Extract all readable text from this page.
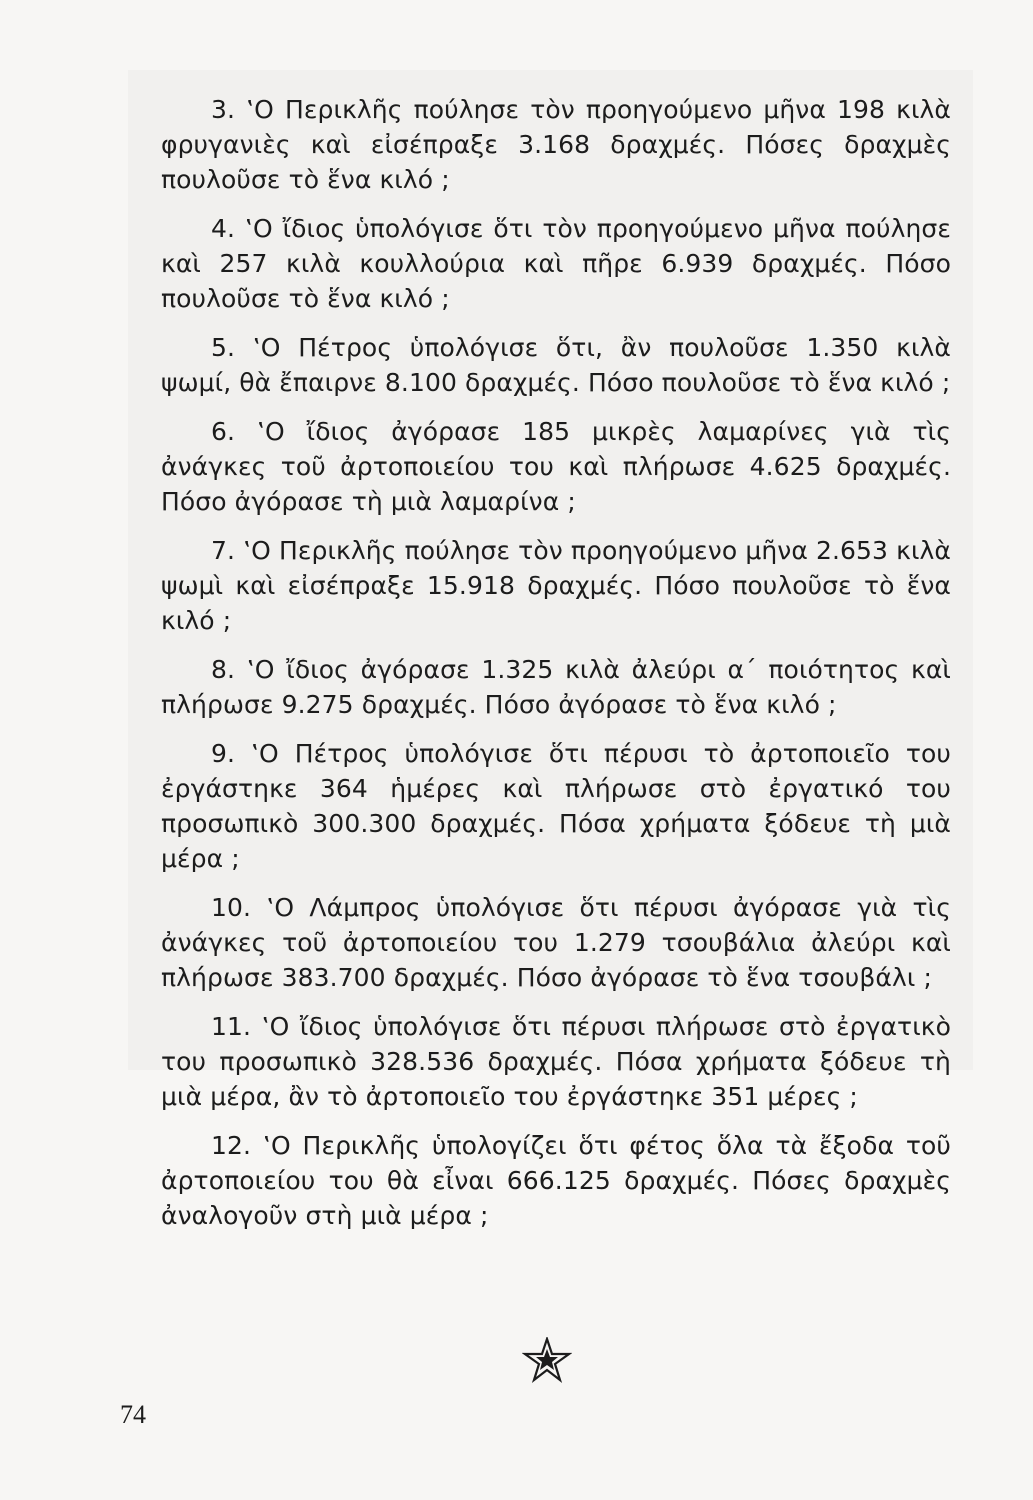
3. ‛Ο Περικλῆς πούλησε τὸν προηγούμενο μῆνα 198 κιλὰ φρυγανιὲς καὶ εἰσέπραξε 3.168 δραχμές. Πόσες δραχμὲς πουλοῦσε τὸ ἕνα κιλό ;

4. ‛Ο ἴδιος ὑπολόγισε ὅτι τὸν προηγούμενο μῆνα πούλησε καὶ 257 κιλὰ κουλλούρια καὶ πῆρε 6.939 δραχμές. Πόσο πουλοῦσε τὸ ἕνα κιλό ;

5. ‛Ο Πέτρος ὑπολόγισε ὅτι, ἂν πουλοῦσε 1.350 κιλὰ ψωμί, θὰ ἔπαιρνε 8.100 δραχμές. Πόσο πουλοῦσε τὸ ἕνα κιλό ;

6. ‛Ο ἴδιος ἀγόρασε 185 μικρὲς λαμαρίνες γιὰ τὶς ἀνάγκες τοῦ ἀρτοποιείου του καὶ πλήρωσε 4.625 δραχμές. Πόσο ἀγόρασε τὴ μιὰ λαμαρίνα ;

7. ‛Ο Περικλῆς πούλησε τὸν προηγούμενο μῆνα 2.653 κιλὰ ψωμὶ καὶ εἰσέπραξε 15.918 δραχμές. Πόσο πουλοῦσε τὸ ἕνα κιλό ;

8. ‛Ο ἴδιος ἀγόρασε 1.325 κιλὰ ἀλεύρι α΄ ποιότητος καὶ πλήρωσε 9.275 δραχμές. Πόσο ἀγόρασε τὸ ἕνα κιλό ;

9. ‛Ο Πέτρος ὑπολόγισε ὅτι πέρυσι τὸ ἀρτοποιεῖο του ἐργάστηκε 364 ἡμέρες καὶ πλήρωσε στὸ ἐργατικό του προσωπικὸ 300.300 δραχμές. Πόσα χρήματα ξόδευε τὴ μιὰ μέρα ;

10. ‛Ο Λάμπρος ὑπολόγισε ὅτι πέρυσι ἀγόρασε γιὰ τὶς ἀνάγκες τοῦ ἀρτοποιείου του 1.279 τσουβάλια ἀλεύρι καὶ πλήρωσε 383.700 δραχμές. Πόσο ἀγόρασε τὸ ἕνα τσουβάλι ;

11. ‛Ο ἴδιος ὑπολόγισε ὅτι πέρυσι πλήρωσε στὸ ἐργατικὸ του προσωπικὸ 328.536 δραχμές. Πόσα χρήματα ξόδευε τὴ μιὰ μέρα, ἂν τὸ ἀρτοποιεῖο του ἐργάστηκε 351 μέρες ;

12. ‛Ο Περικλῆς ὑπολογίζει ὅτι φέτος ὅλα τὰ ἔξοδα τοῦ ἀρτοποιείου του θὰ εἶναι 666.125 δραχμές. Πόσες δραχμὲς ἀναλογοῦν στὴ μιὰ μέρα ;

74
